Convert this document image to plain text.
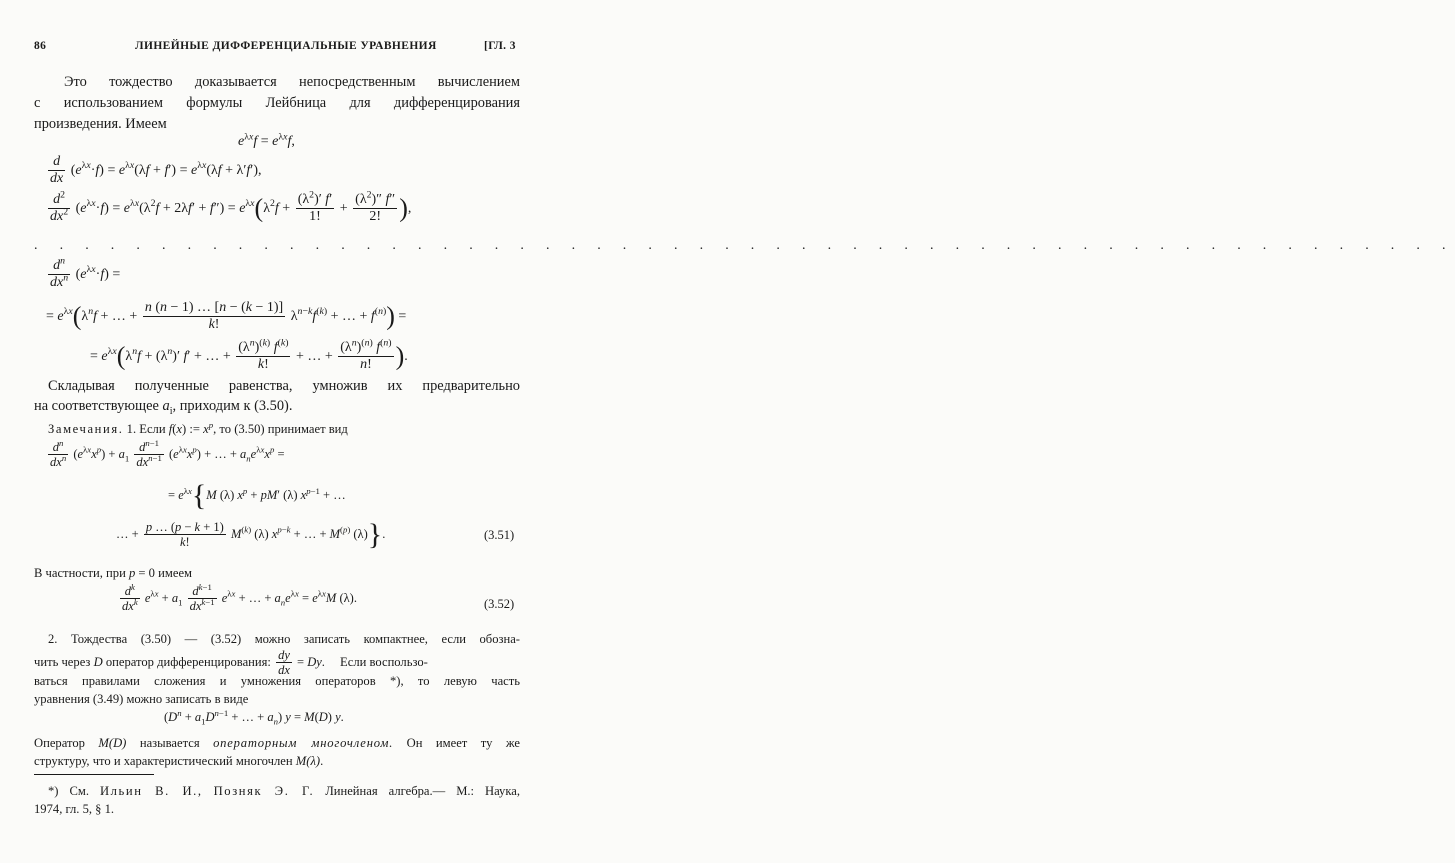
86	ЛИНЕЙНЫЕ ДИФФЕРЕНЦИАЛЬНЫЕ УРАВНЕНИЯ	[ГЛ. 3
Это тождество доказывается непосредственным вычислением
с использованием формулы Лейбница для дифференцирования
произведения. Имеем
$e^{\lambda x}f = e^{\lambda x}f$,
$\frac{d}{dx} (e^{\lambda x}\cdot f) = e^{\lambda x}(\lambda f + f') = e^{\lambda x}(\lambda f + \lambda'f')$,
$\frac{d^2}{dx^2} (e^{\lambda x}\cdot f) = e^{\lambda x}(\lambda^2f + 2\lambda f' + f'') = e^{\lambda x}(\lambda^2f + \frac{(\lambda^2)' f'}{1!} + \frac{(\lambda^2)'' f''}{2!}$ ),
. . . . . . . . . . . . . . . . . . . . . . . . . . . . . . . . . . . . . . . . . . . . . . . . . . . . . . . .
$\frac{d^n}{dx^n} (e^{\lambda x}\cdot f)$ =
= $e^{\lambda x}(\lambda^nf$ + … + $\frac{n (n - 1) \dots [n - (k - 1)]}{k!} \lambda^{n-k}f^{(k)}$ + … + $f^{(n)}$) =
= $e^{\lambda x}(\lambda^nf + (\lambda^n)'$ f′ + … + $\frac{(\lambda^n)^{(k)} f^{(k)}}{k!}$ + … + $\frac{(\lambda^n)^{(n)} f^{(n)}}{n!}$ ).
Складывая полученные равенства, умножив их предварительно
на соответствующее $a_i$, приходим к (3.50).
Замечания. 1. Если f(x) := $x^p$, то (3.50) принимает вид
$\frac{d^n}{dx^n} (e^{\lambda x}x^p) + a_1 \frac{d^{n-1}}{dx^{n-1}} (e^{\lambda x}x^p)$ + … + $a_ne^{\lambda x}x^p$ =
= $e^{\lambda x}\{M$ (λ) $x^p + pM'$ (λ) $x^{p-1}$ + …
… + $\frac{p \dots (p - k + 1)}{k!} M^{(k)}$ (λ) $x^{p-k}$ + … + $M^{(p)}$ (λ)}.	(3.51)
В частности, при p = 0 имеем
$\frac{d^k}{dx^k} e^{\lambda x} + a_1 \frac{d^{k-1}}{dx^{k-1}} e^{\lambda x}$ + … + $a_ne^{\lambda x} = e^{\lambda x}M$ (λ).	(3.52)
2. Тождества (3.50) — (3.52) можно записать компактнее, если обозна-
чить через D оператор дифференцирования: $\frac{dy}{dx} = Dy$. Если воспользо-
ваться правилами сложения и умножения операторов *), то левую часть
уравнения (3.49) можно записать в виде
($D^n + a_1D^{n-1}$ + … + $a_n$) y = M(D) y.
Оператор M(D) называется операторным многочленом. Он имеет ту же
структуру, что и характеристический многочлен M(λ).
*) См. Ильин В. И., Позняк Э. Г. Линейная алгебра.— М.: Наука,
1974, гл. 5, § 1.
